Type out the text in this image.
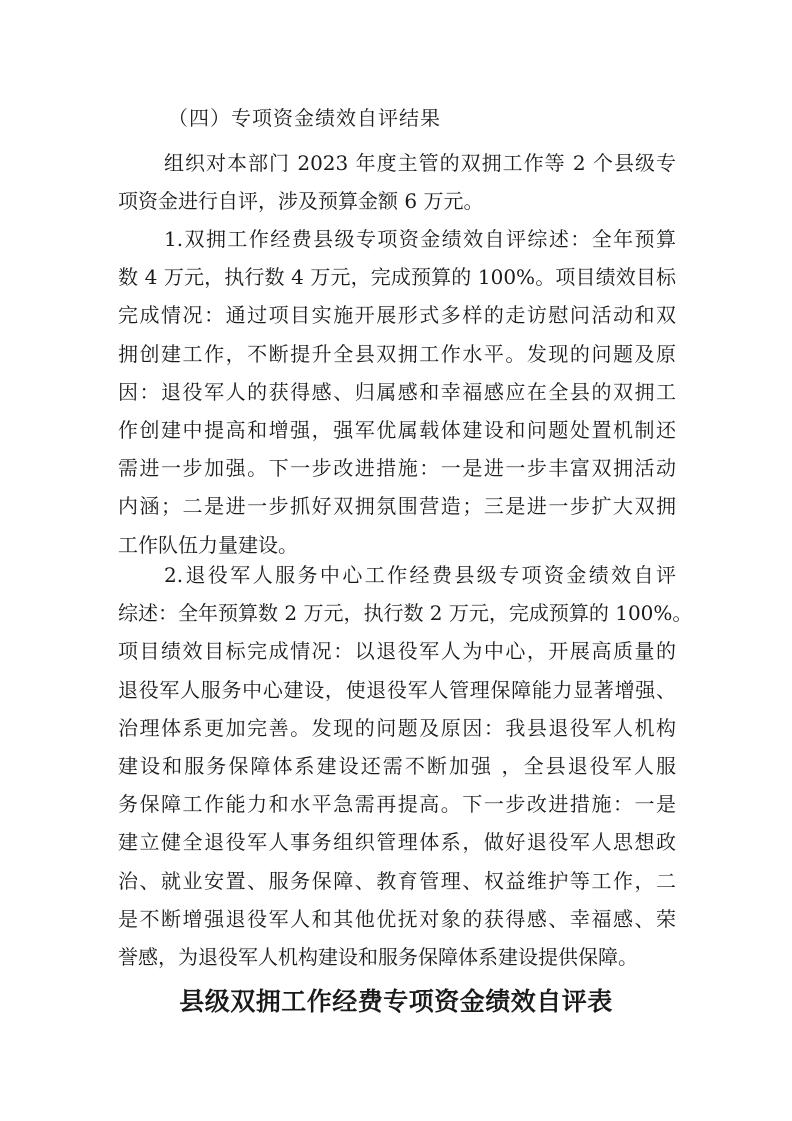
（四）专项资金绩效自评结果
组织对本部门 2023 年度主管的双拥工作等 2 个县级专
项资金进行自评，涉及预算金额 6 万元。
1.双拥工作经费县级专项资金绩效自评综述：全年预算
数 4 万元，执行数 4 万元，完成预算的 100%。项目绩效目标
完成情况：通过项目实施开展形式多样的走访慰问活动和双
拥创建工作，不断提升全县双拥工作水平。发现的问题及原
因：退役军人的获得感、归属感和幸福感应在全县的双拥工
作创建中提高和增强，强军优属载体建设和问题处置机制还
需进一步加强。下一步改进措施：一是进一步丰富双拥活动
内涵；二是进一步抓好双拥氛围营造；三是进一步扩大双拥
工作队伍力量建设。
2.退役军人服务中心工作经费县级专项资金绩效自评
综述：全年预算数 2 万元，执行数 2 万元，完成预算的 100%。
项目绩效目标完成情况：以退役军人为中心，开展高质量的
退役军人服务中心建设，使退役军人管理保障能力显著增强、
治理体系更加完善。发现的问题及原因：我县退役军人机构
建设和服务保障体系建设还需不断加强 ，全县退役军人服
务保障工作能力和水平急需再提高。下一步改进措施：一是
建立健全退役军人事务组织管理体系，做好退役军人思想政
治、就业安置、服务保障、教育管理、权益维护等工作，二
是不断增强退役军人和其他优抚对象的获得感、幸福感、荣
誉感，为退役军人机构建设和服务保障体系建设提供保障。
县级双拥工作经费专项资金绩效自评表
